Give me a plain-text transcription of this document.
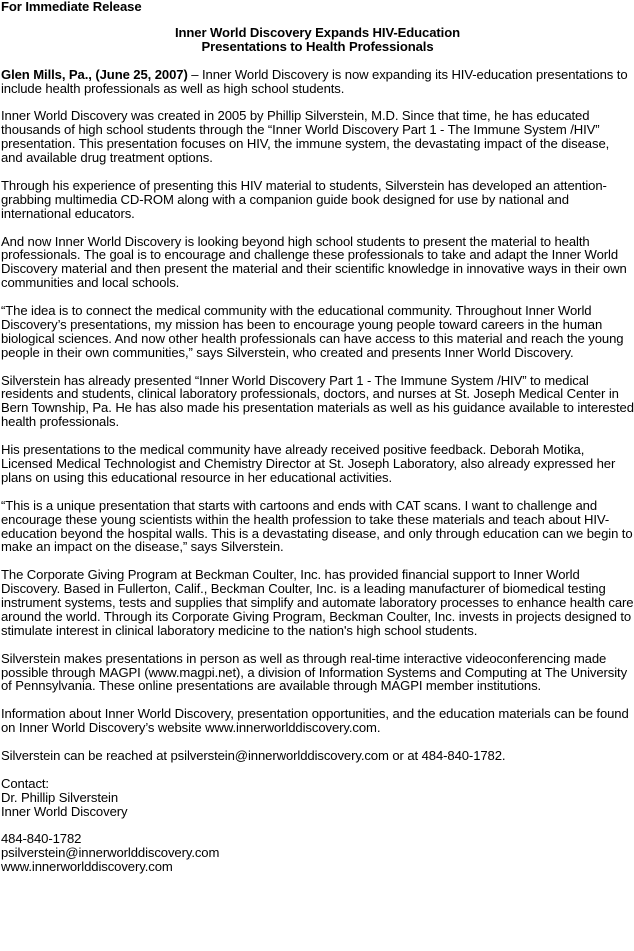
For Immediate Release
Inner World Discovery Expands HIV-Education
Presentations to Health Professionals

Glen Mills, Pa., (June 25, 2007) – Inner World Discovery is now expanding its HIV-education presentations to include health professionals as well as high school students.

Inner World Discovery was created in 2005 by Phillip Silverstein, M.D. Since that time, he has educated thousands of high school students through the “Inner World Discovery Part 1 - The Immune System /HIV” presentation. This presentation focuses on HIV, the immune system, the devastating impact of the disease, and available drug treatment options.

Through his experience of presenting this HIV material to students, Silverstein has developed an attention-grabbing multimedia CD-ROM along with a companion guide book designed for use by national and international educators.

And now Inner World Discovery is looking beyond high school students to present the material to health professionals. The goal is to encourage and challenge these professionals to take and adapt the Inner World Discovery material and then present the material and their scientific knowledge in innovative ways in their own communities and local schools.

“The idea is to connect the medical community with the educational community. Throughout Inner World Discovery’s presentations, my mission has been to encourage young people toward careers in the human biological sciences. And now other health professionals can have access to this material and reach the young people in their own communities,” says Silverstein, who created and presents Inner World Discovery.

Silverstein has already presented “Inner World Discovery Part 1 - The Immune System /HIV” to medical residents and students, clinical laboratory professionals, doctors, and nurses at St. Joseph Medical Center in Bern Township, Pa. He has also made his presentation materials as well as his guidance available to interested health professionals.

His presentations to the medical community have already received positive feedback. Deborah Motika, Licensed Medical Technologist and Chemistry Director at St. Joseph Laboratory, also already expressed her plans on using this educational resource in her educational activities.

“This is a unique presentation that starts with cartoons and ends with CAT scans. I want to challenge and encourage these young scientists within the health profession to take these materials and teach about HIV-education beyond the hospital walls. This is a devastating disease, and only through education can we begin to make an impact on the disease,” says Silverstein.

The Corporate Giving Program at Beckman Coulter, Inc. has provided financial support to Inner World Discovery. Based in Fullerton, Calif., Beckman Coulter, Inc. is a leading manufacturer of biomedical testing instrument systems, tests and supplies that simplify and automate laboratory processes to enhance health care around the world. Through its Corporate Giving Program, Beckman Coulter, Inc. invests in projects designed to stimulate interest in clinical laboratory medicine to the nation's high school students.

Silverstein makes presentations in person as well as through real-time interactive videoconferencing made possible through MAGPI (www.magpi.net), a division of Information Systems and Computing at The University of Pennsylvania. These online presentations are available through MAGPI member institutions.

Information about Inner World Discovery, presentation opportunities, and the education materials can be found on Inner World Discovery’s website www.innerworlddiscovery.com.

Silverstein can be reached at psilverstein@innerworlddiscovery.com or at 484-840-1782.

Contact:
Dr. Phillip Silverstein
Inner World Discovery
484-840-1782
psilverstein@innerworlddiscovery.com
www.innerworlddiscovery.com
